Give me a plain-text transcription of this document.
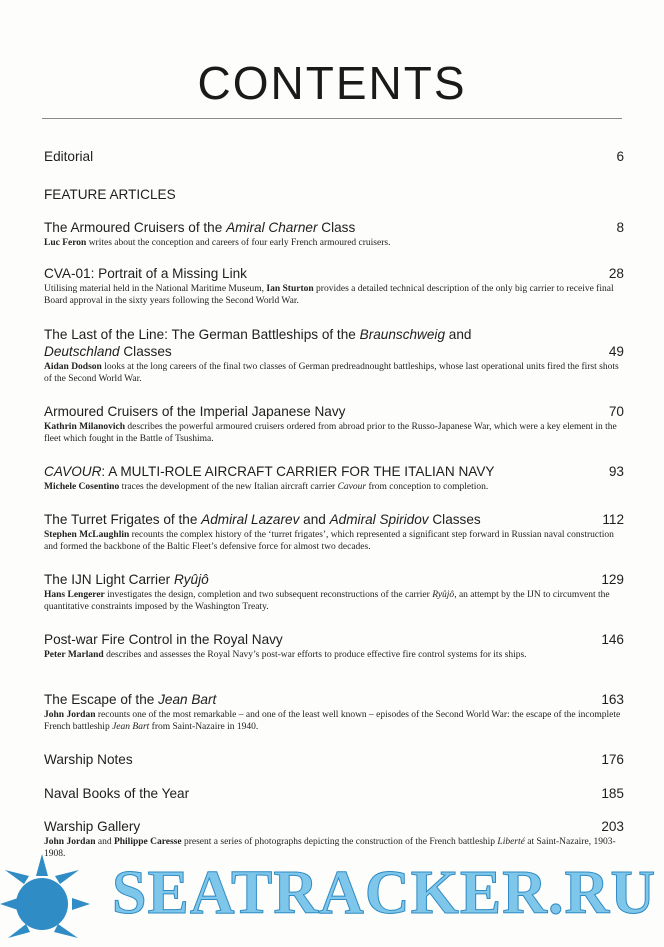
CONTENTS
Editorial	6
FEATURE ARTICLES
The Armoured Cruisers of the Amiral Charner Class	8
Luc Feron writes about the conception and careers of four early French armoured cruisers.
CVA-01: Portrait of a Missing Link	28
Utilising material held in the National Maritime Museum, Ian Sturton provides a detailed technical description of the only big carrier to receive final Board approval in the sixty years following the Second World War.
The Last of the Line: The German Battleships of the Braunschweig and
Deutschland Classes	49
Aidan Dodson looks at the long careers of the final two classes of German predreadnought battleships, whose last operational units fired the first shots of the Second World War.
Armoured Cruisers of the Imperial Japanese Navy	70
Kathrin Milanovich describes the powerful armoured cruisers ordered from abroad prior to the Russo-Japanese War, which were a key element in the fleet which fought in the Battle of Tsushima.
CAVOUR: A MULTI-ROLE AIRCRAFT CARRIER FOR THE ITALIAN NAVY	93
Michele Cosentino traces the development of the new Italian aircraft carrier Cavour from conception to completion.
The Turret Frigates of the Admiral Lazarev and Admiral Spiridov Classes	112
Stephen McLaughlin recounts the complex history of the ‘turret frigates’, which represented a significant step forward in Russian naval construction and formed the backbone of the Baltic Fleet’s defensive force for almost two decades.
The IJN Light Carrier Ryûjô	129
Hans Lengerer investigates the design, completion and two subsequent reconstructions of the carrier Ryûjô, an attempt by the IJN to circumvent the quantitative constraints imposed by the Washington Treaty.
Post-war Fire Control in the Royal Navy	146
Peter Marland describes and assesses the Royal Navy’s post-war efforts to produce effective fire control systems for its ships.
The Escape of the Jean Bart	163
John Jordan recounts one of the most remarkable – and one of the least well known – episodes of the Second World War: the escape of the incomplete French battleship Jean Bart from Saint-Nazaire in 1940.
Warship Notes	176
Naval Books of the Year	185
Warship Gallery	203
John Jordan and Philippe Caresse present a series of photographs depicting the construction of the French battleship Liberté at Saint-Nazaire, 1903-1908.
SEATRACKER.RU
